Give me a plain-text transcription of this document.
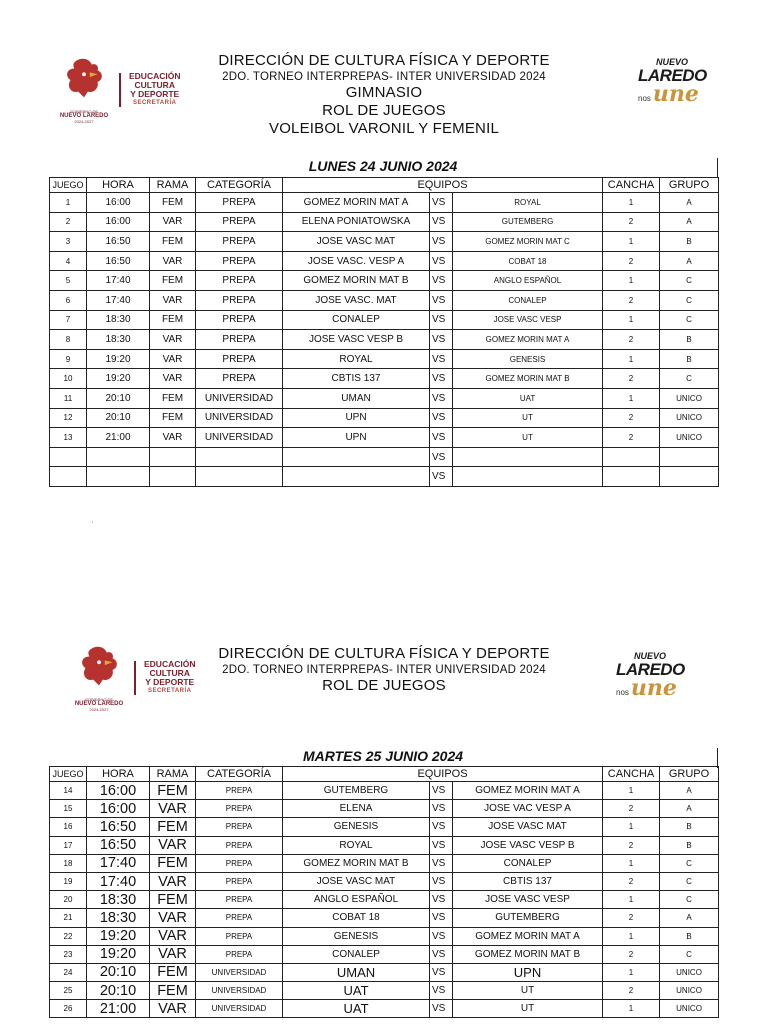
GOBIERNO DE
NUEVO LAREDO
2024-2027
EDUCACIÓN
CULTURA
Y DEPORTE
SECRETARÍA
DIRECCIÓN DE CULTURA FÍSICA Y DEPORTE
2DO. TORNEO INTERPREPAS- INTER UNIVERSIDAD 2024
GIMNASIO
ROL DE JUEGOS
VOLEIBOL VARONIL Y FEMENIL
NUEVO
LAREDO
nos une
LUNES 24 JUNIO 2024
JUEGO	HORA	RAMA	CATEGORÍA	EQUIPOS			CANCHA	GRUPO
1	16:00	FEM	PREPA	GOMEZ MORIN MAT A	VS	ROYAL	1	A
2	16:00	VAR	PREPA	ELENA PONIATOWSKA	VS	GUTEMBERG	2	A
3	16:50	FEM	PREPA	JOSE VASC MAT	VS	GOMEZ MORIN MAT C	1	B
4	16:50	VAR	PREPA	JOSE VASC. VESP A	VS	COBAT 18	2	A
5	17:40	FEM	PREPA	GOMEZ MORIN MAT B	VS	ANGLO ESPAÑOL	1	C
6	17:40	VAR	PREPA	JOSE VASC. MAT	VS	CONALEP	2	C
7	18:30	FEM	PREPA	CONALEP	VS	JOSE VASC VESP	1	C
8	18:30	VAR	PREPA	JOSE VASC VESP B	VS	GOMEZ MORIN MAT A	2	B
9	19:20	VAR	PREPA	ROYAL	VS	GENESIS	1	B
10	19:20	VAR	PREPA	CBTIS 137	VS	GOMEZ MORIN MAT B	2	C
11	20:10	FEM	UNIVERSIDAD	UMAN	VS	UAT	1	UNICO
12	20:10	FEM	UNIVERSIDAD	UPN	VS	UT	2	UNICO
13	21:00	VAR	UNIVERSIDAD	UPN	VS	UT	2	UNICO
					VS			
					VS			
'
GOBIERNO DE
NUEVO LAREDO
2024-2027
EDUCACIÓN
CULTURA
Y DEPORTE
SECRETARÍA
DIRECCIÓN DE CULTURA FÍSICA Y DEPORTE
2DO. TORNEO INTERPREPAS- INTER UNIVERSIDAD 2024
ROL DE JUEGOS
NUEVO
LAREDO
nos une
MARTES 25 JUNIO 2024
JUEGO	HORA	RAMA	CATEGORÍA	EQUIPOS			CANCHA	GRUPO
14	16:00	FEM	PREPA	GUTEMBERG	VS	GOMEZ MORIN MAT A	1	A
15	16:00	VAR	PREPA	ELENA	VS	JOSE VAC VESP A	2	A
16	16:50	FEM	PREPA	GENESIS	VS	JOSE VASC MAT	1	B
17	16:50	VAR	PREPA	ROYAL	VS	JOSE VASC VESP B	2	B
18	17:40	FEM	PREPA	GOMEZ MORIN MAT B	VS	CONALEP	1	C
19	17:40	VAR	PREPA	JOSE VASC MAT	VS	CBTIS 137	2	C
20	18:30	FEM	PREPA	ANGLO ESPAÑOL	VS	JOSE VASC VESP	1	C
21	18:30	VAR	PREPA	COBAT 18	VS	GUTEMBERG	2	A
22	19:20	VAR	PREPA	GENESIS	VS	GOMEZ MORIN MAT A	1	B
23	19:20	VAR	PREPA	CONALEP	VS	GOMEZ MORIN MAT B	2	C
24	20:10	FEM	UNIVERSIDAD	UMAN	VS	UPN	1	UNICO
25	20:10	FEM	UNIVERSIDAD	UAT	VS	UT	2	UNICO
26	21:00	VAR	UNIVERSIDAD	UAT	VS	UT	1	UNICO
